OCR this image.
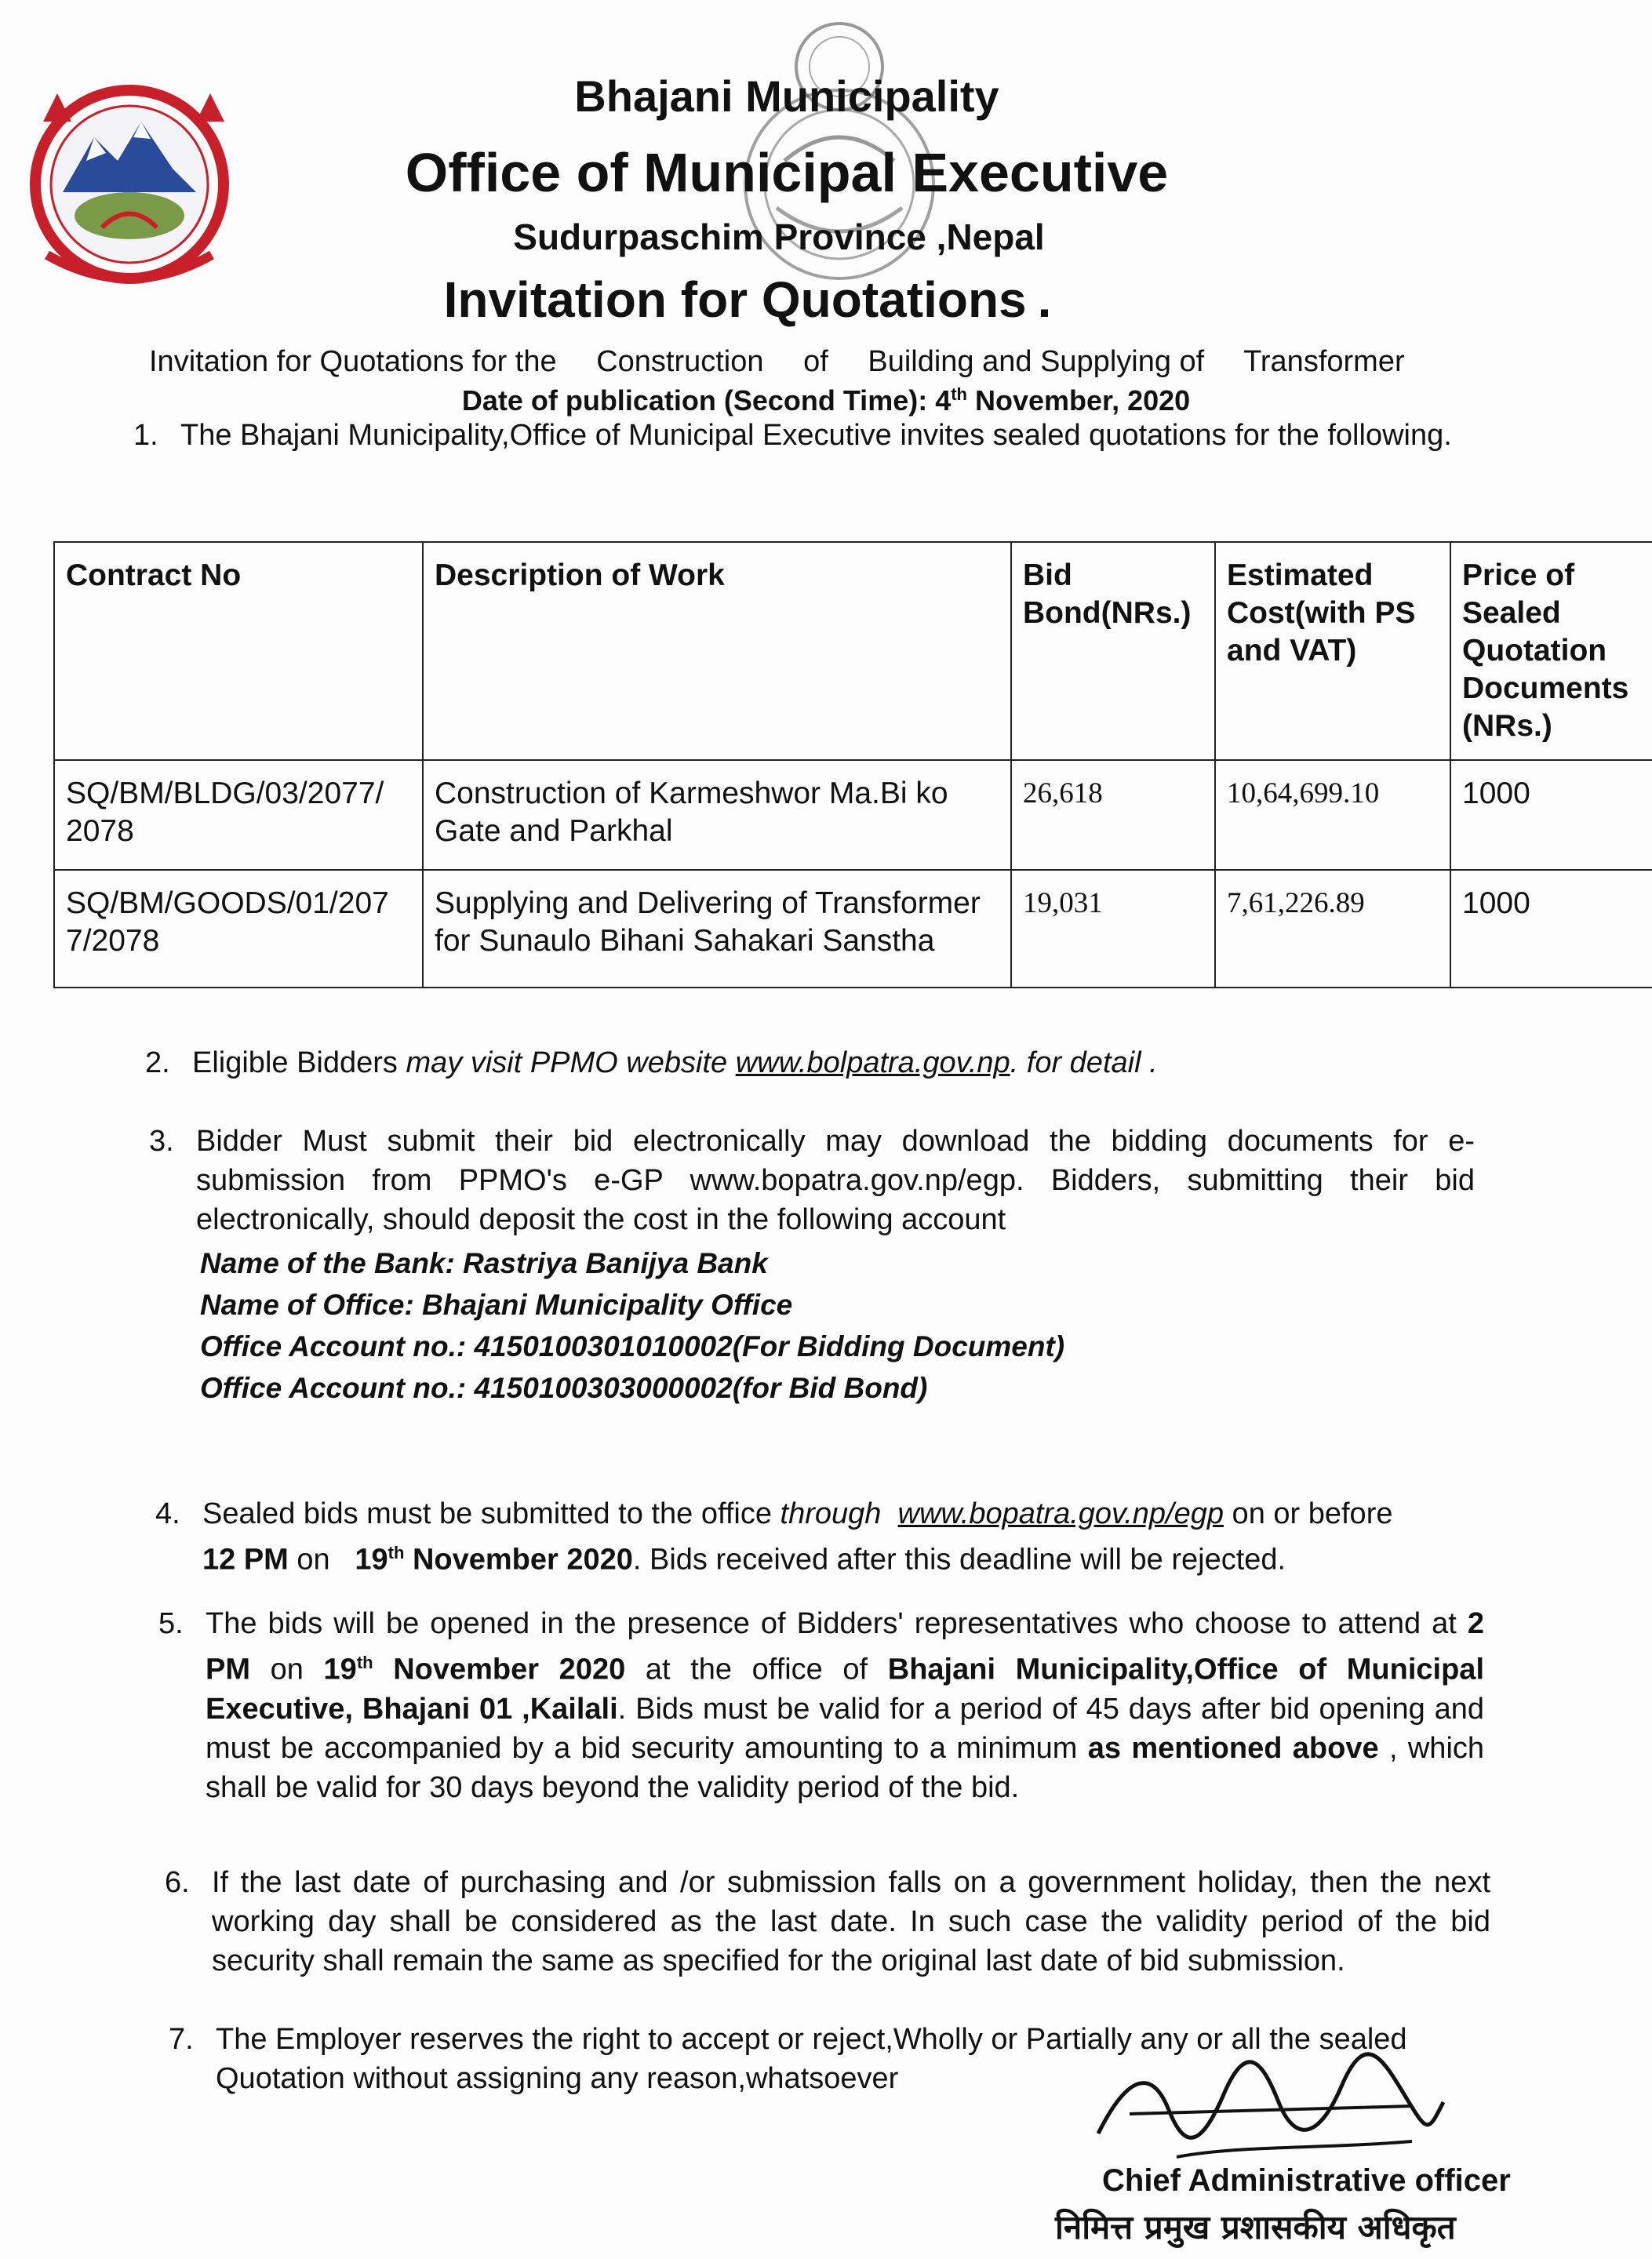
Bhajani Municipality
Office of Municipal Executive
Sudurpaschim Province ,Nepal
Invitation for Quotations .
Invitation for Quotations for the Construction of Building and Supplying of Transformer
Date of publication (Second Time): 4th November, 2020
1. The Bhajani Municipality,Office of Municipal Executive invites sealed quotations for the following.
Contract No	Description of Work	Bid Bond(NRs.)	Estimated Cost(with PS and VAT)	Price of Sealed Quotation Documents (NRs.)
SQ/BM/BLDG/03/2077/ 2078	Construction of Karmeshwor Ma.Bi ko Gate and Parkhal	26,618	10,64,699.10	1000
SQ/BM/GOODS/01/207 7/2078	Supplying and Delivering of Transformer for Sunaulo Bihani Sahakari Sanstha	19,031	7,61,226.89	1000
2. Eligible Bidders may visit PPMO website www.bolpatra.gov.np. for detail .
3. Bidder Must submit their bid electronically may download the bidding documents for e-submission from PPMO's e-GP www.bopatra.gov.np/egp. Bidders, submitting their bid electronically, should deposit the cost in the following account
Name of the Bank: Rastriya Banijya Bank
Name of Office: Bhajani Municipality Office
Office Account no.: 4150100301010002(For Bidding Document)
Office Account no.: 4150100303000002(for Bid Bond)
4. Sealed bids must be submitted to the office through www.bopatra.gov.np/egp on or before
12 PM on   19th November 2020. Bids received after this deadline will be rejected.
5. The bids will be opened in the presence of Bidders' representatives who choose to attend at 2 PM on 19th November 2020 at the office of Bhajani Municipality,Office of Municipal Executive, Bhajani 01 ,Kailali. Bids must be valid for a period of 45 days after bid opening and must be accompanied by a bid security amounting to a minimum as mentioned above , which shall be valid for 30 days beyond the validity period of the bid.
6. If the last date of purchasing and /or submission falls on a government holiday, then the next working day shall be considered as the last date. In such case the validity period of the bid security shall remain the same as specified for the original last date of bid submission.
7. The Employer reserves the right to accept or reject,Wholly or Partially any or all the sealed Quotation without assigning any reason,whatsoever
Chief Administrative officer
निमित्त प्रमुख प्रशासकीय अधिकृत
